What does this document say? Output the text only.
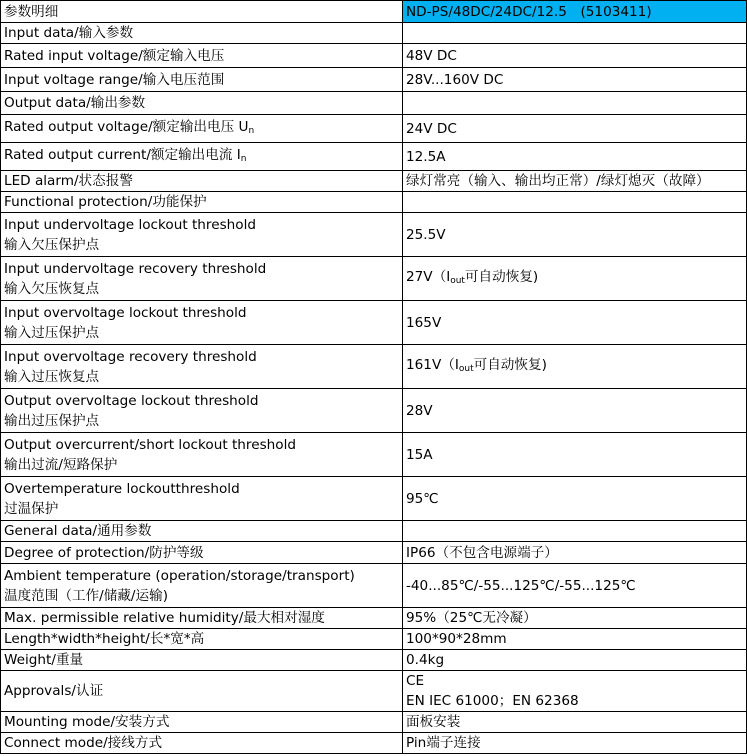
参数明细	ND-PS/48DC/24DC/12.5　(5103411)
Input data/输入参数	
Rated input voltage/额定输入电压	48V DC
Input voltage range/输入电压范围	28V...160V DC
Output data/输出参数	
Rated output voltage/额定输出电压 $U_n$	24V DC
Rated output current/额定输出电流 $I_n$	12.5A
LED alarm/状态报警	绿灯常亮（输入、输出均正常）/绿灯熄灭（故障）
Functional protection/功能保护	

Input undervoltage lockout threshold
输入欠压保护点	25.5V

Input undervoltage recovery threshold
输入欠压恢复点	$27V(I_{out}$可自动恢复)

Input overvoltage lockout threshold
输入过压保护点	165V

Input overvoltage recovery threshold
输入过压恢复点	$161V(I_{out}$可自动恢复)

Output overvoltage lockout threshold
输出过压保护点	28V

Output overcurrent/short lockout threshold
输出过流/短路保护	15A

Overtemperature lockoutthreshold
过温保护	95℃
General data/通用参数	
Degree of protection/防护等级	IP66（不包含电源端子）

Ambient temperature (operation/storage/transport)
温度范围（工作/储藏/运输)	-40...85℃/-55...125℃/-55...125℃
Max. permissible relative humidity/最大相对湿度	95%（25℃无冷凝）
Length*width*height/长*宽*高	100*90*28mm
Weight/重量	0.4kg
Approvals/认证	CE
EN IEC 61000；EN 62368

Mounting mode/安装方式	面板安装
Connect mode/接线方式	Pin端子连接
